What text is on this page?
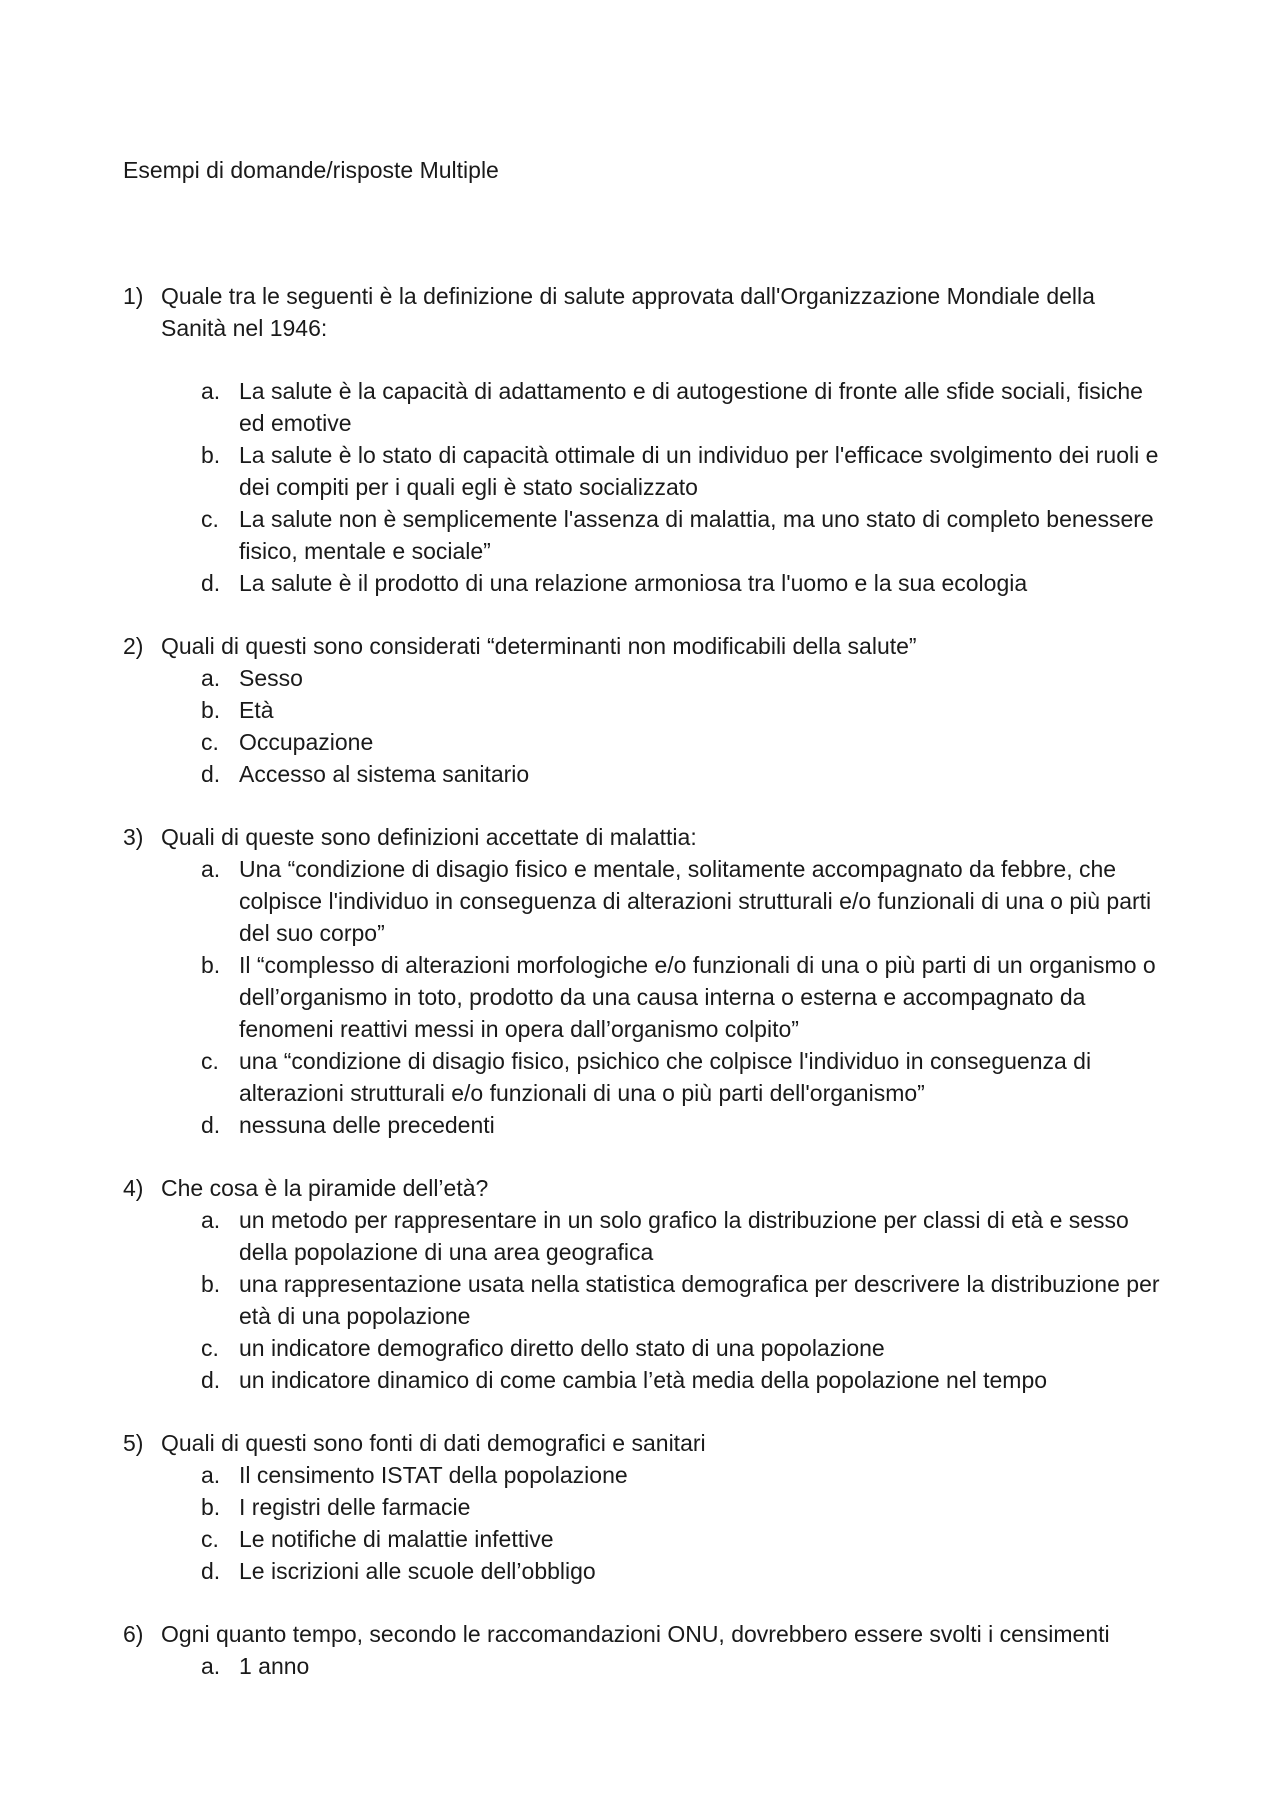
Esempi di domande/risposte Multiple
1) Quale tra le seguenti è la definizione di salute approvata dall'Organizzazione Mondiale della Sanità nel 1946:
a. La salute è la capacità di adattamento e di autogestione di fronte alle sfide sociali, fisiche ed emotive
b. La salute è lo stato di capacità ottimale di un individuo per l'efficace svolgimento dei ruoli e dei compiti per i quali egli è stato socializzato
c. La salute non è semplicemente l'assenza di malattia, ma uno stato di completo benessere fisico, mentale e sociale”
d. La salute è il prodotto di una relazione armoniosa tra l'uomo e la sua ecologia
2) Quali di questi sono considerati “determinanti non modificabili della salute”
a. Sesso
b. Età
c. Occupazione
d. Accesso al sistema sanitario
3) Quali di queste sono definizioni accettate di malattia:
a. Una “condizione di disagio fisico e mentale, solitamente accompagnato da febbre, che colpisce l'individuo in conseguenza di alterazioni strutturali e/o funzionali di una o più parti del suo corpo”
b. Il “complesso di alterazioni morfologiche e/o funzionali di una o più parti di un organismo o dell’organismo in toto, prodotto da una causa interna o esterna e accompagnato da fenomeni reattivi messi in opera dall’organismo colpito”
c. una “condizione di disagio fisico, psichico che colpisce l'individuo in conseguenza di alterazioni strutturali e/o funzionali di una o più parti dell'organismo”
d. nessuna delle precedenti
4) Che cosa è la piramide dell’età?
a. un metodo per rappresentare in un solo grafico la distribuzione per classi di età e sesso della popolazione di una area geografica
b. una rappresentazione usata nella statistica demografica per descrivere la distribuzione per età di una popolazione
c. un indicatore demografico diretto dello stato di una popolazione
d. un indicatore dinamico di come cambia l’età media della popolazione nel tempo
5) Quali di questi sono fonti di dati demografici e sanitari
a. Il censimento ISTAT della popolazione
b. I registri delle farmacie
c. Le notifiche di malattie infettive
d. Le iscrizioni alle scuole dell’obbligo
6) Ogni quanto tempo, secondo le raccomandazioni ONU, dovrebbero essere svolti i censimenti
a. 1 anno
